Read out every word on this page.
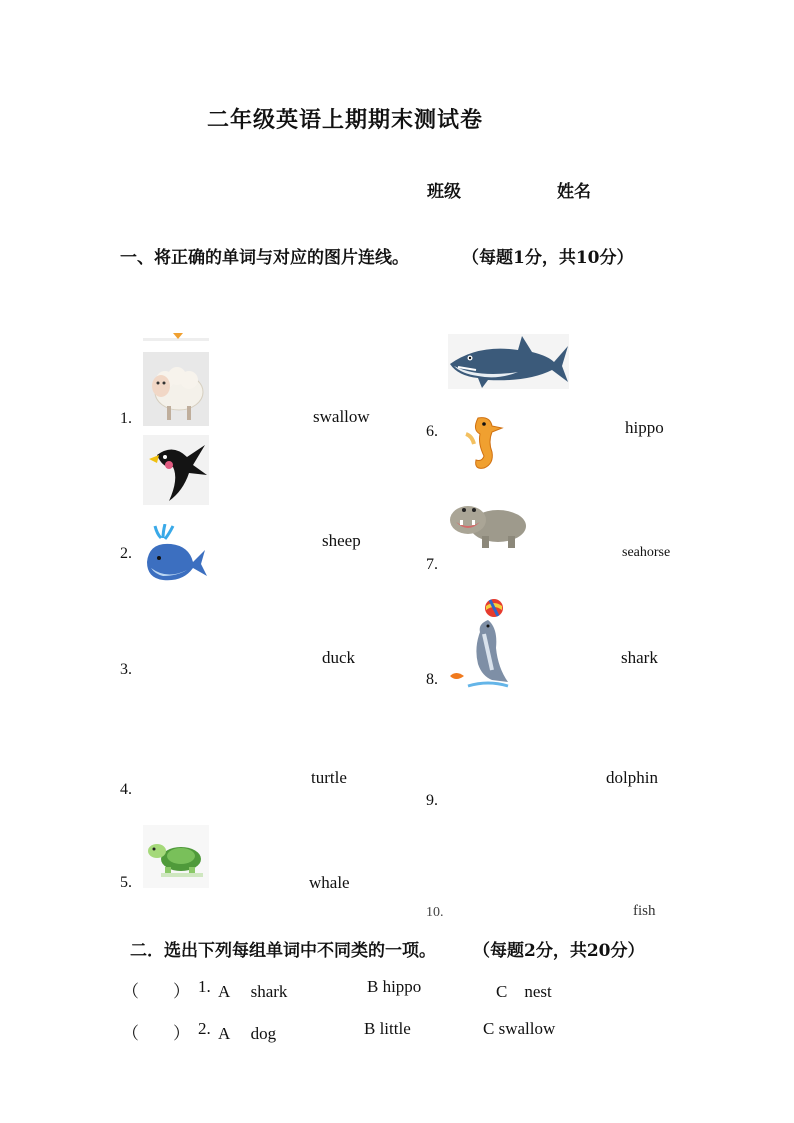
二年级英语上期期末测试卷
班级	姓名
一、将正确的单词与对应的图片连线。	（每题1分，共10分）
1.
2.
3.
4.
5.
swallow
sheep
duck
turtle
whale
6.
7.
8.
9.
10.
hippo
seahorse
shark
dolphin
fish
二．选出下列每组单词中不同类的一项。 （每题2分，共20分）
（　　） 1. A　 shark	B hippo	C　nest
（　　） 2. A　 dog	B little	C swallow
